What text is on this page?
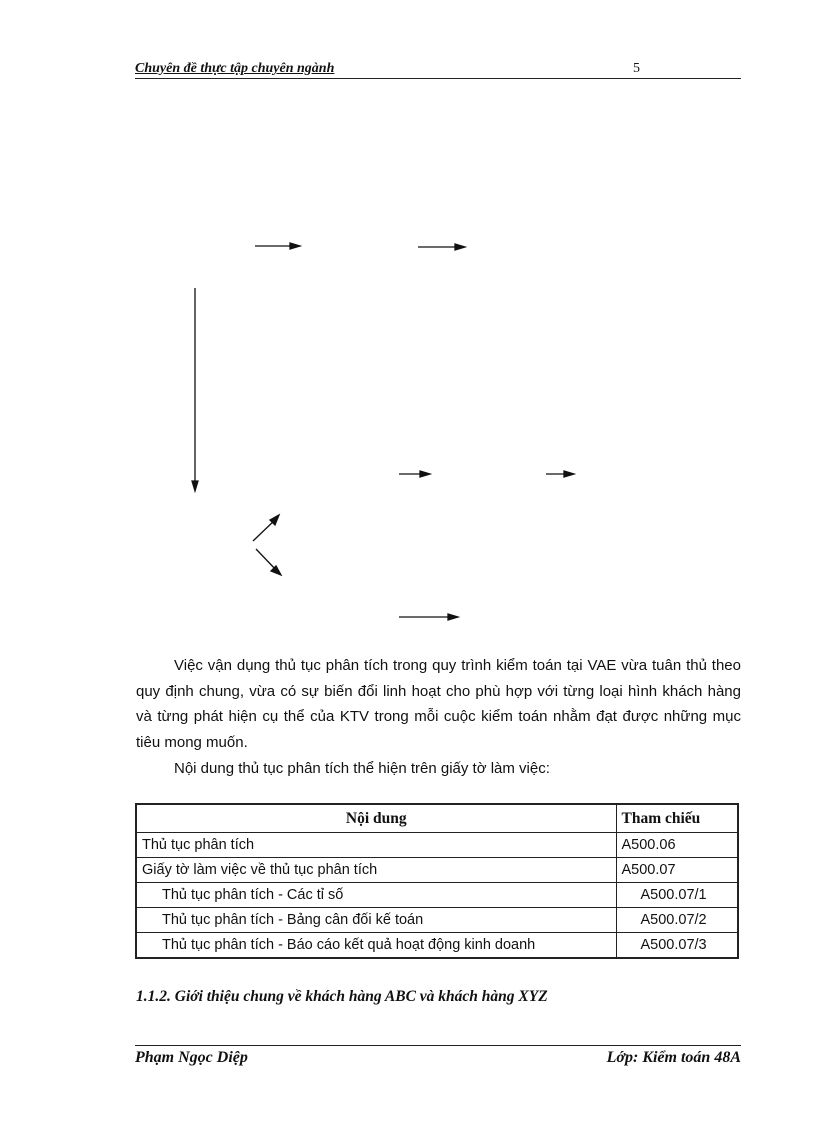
Chuyên đề thực tập chuyên ngành	5

Việc vận dụng thủ tục phân tích trong quy trình kiểm toán tại VAE vừa tuân thủ theo quy định chung, vừa có sự biến đổi linh hoạt cho phù hợp với từng loại hình khách hàng và từng phát hiện cụ thể của KTV trong mỗi cuộc kiểm toán nhằm đạt được những mục tiêu mong muốn.

Nội dung thủ tục phân tích thể hiện trên giấy tờ làm việc:

Nội dung	Tham chiếu
Thủ tục phân tích	A500.06
Giấy tờ làm việc về thủ tục phân tích	A500.07
Thủ tục phân tích - Các tỉ số	A500.07/1
Thủ tục phân tích - Bảng cân đối kế toán	A500.07/2
Thủ tục phân tích - Báo cáo kết quả hoạt động kinh doanh	A500.07/3
1.1.2. Giới thiệu chung về khách hàng ABC và khách hàng XYZ
Phạm Ngọc Diệp	Lớp: Kiểm toán 48A
